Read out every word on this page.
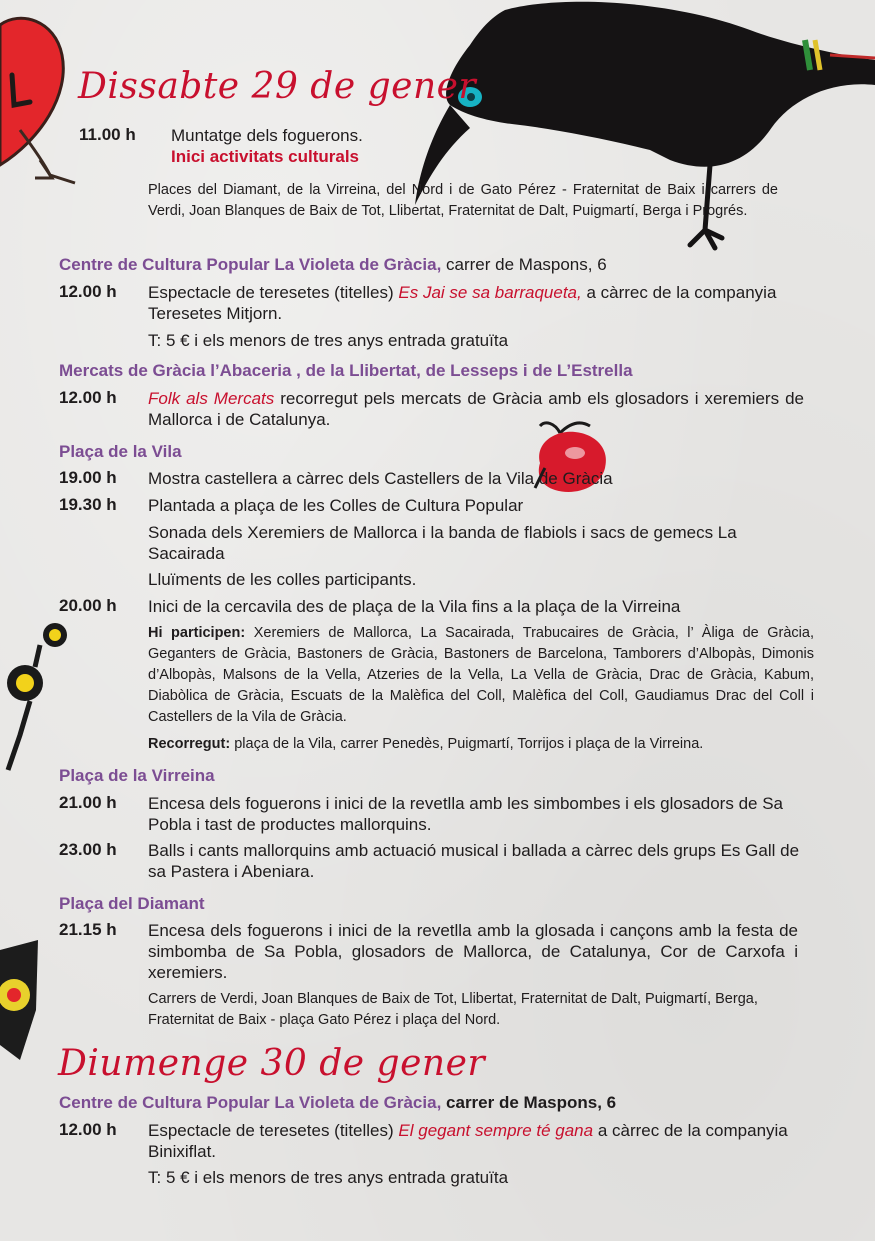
Dissabte 29 de gener
11.00 h Muntatge dels foguerons.
Inici activitats culturals
Places del Diamant, de la Virreina, del Nord i de Gato Pérez - Fraternitat de Baix i carrers de Verdi, Joan Blanques de Baix de Tot, Llibertat, Fraternitat de Dalt, Puigmartí, Berga i Progrés.

Centre de Cultura Popular La Violeta de Gràcia, carrer de Maspons, 6

12.00 h Espectacle de teresetes (titelles) Es Jai se sa barraqueta, a càrrec de la companyia Teresetes Mitjorn.
T: 5 € i els menors de tres anys entrada gratuïta

Mercats de Gràcia l’Abaceria , de la Llibertat, de Lesseps i de L’Estrella

12.00 h Folk als Mercats recorregut pels mercats de Gràcia amb els glosadors i xeremiers de Mallorca i de Catalunya.

Plaça de la Vila

19.00 h Mostra castellera a càrrec dels Castellers de la Vila de Gràcia
19.30 h Plantada a plaça de les Colles de Cultura Popular
Sonada dels Xeremiers de Mallorca i la banda de flabiols i sacs de gemecs La Sacairada
Lluïments de les colles participants.
20.00 h Inici de la cercavila des de plaça de la Vila fins a la plaça de la Virreina
Hi participen: Xeremiers de Mallorca, La Sacairada, Trabucaires de Gràcia, l’ Àliga de Gràcia, Geganters de Gràcia, Bastoners de Gràcia, Bastoners de Barcelona, Tamborers d’Albopàs, Dimonis d’Albopàs, Malsons de la Vella, Atzeries de la Vella, La Vella de Gràcia, Drac de Gràcia, Kabum, Diabòlica de Gràcia, Escuats de la Malèfica del Coll, Malèfica del Coll, Gaudiamus Drac del Coll i Castellers de la Vila de Gràcia.
Recorregut: plaça de la Vila, carrer Penedès, Puigmartí, Torrijos i plaça de la Virreina.

Plaça de la Virreina

21.00 h Encesa dels foguerons i inici de la revetlla amb les simbombes i els glosadors de Sa Pobla i tast de productes mallorquins.
23.00 h Balls i cants mallorquins amb actuació musical i ballada a càrrec dels grups Es Gall de sa Pastera i Abeniara.

Plaça del Diamant

21.15 h Encesa dels foguerons i inici de la revetlla amb la glosada i cançons amb la festa de simbomba de Sa Pobla, glosadors de Mallorca, de Catalunya, Cor de Carxofa i xeremiers.
Carrers de Verdi, Joan Blanques de Baix de Tot, Llibertat, Fraternitat de Dalt, Puigmartí, Berga, Fraternitat de Baix - plaça Gato Pérez i plaça del Nord.
Diumenge 30 de gener

Centre de Cultura Popular La Violeta de Gràcia, carrer de Maspons, 6

12.00 h Espectacle de teresetes (titelles) El gegant sempre té gana a càrrec de la companyia Binixiflat.
T: 5 € i els menors de tres anys entrada gratuïta
